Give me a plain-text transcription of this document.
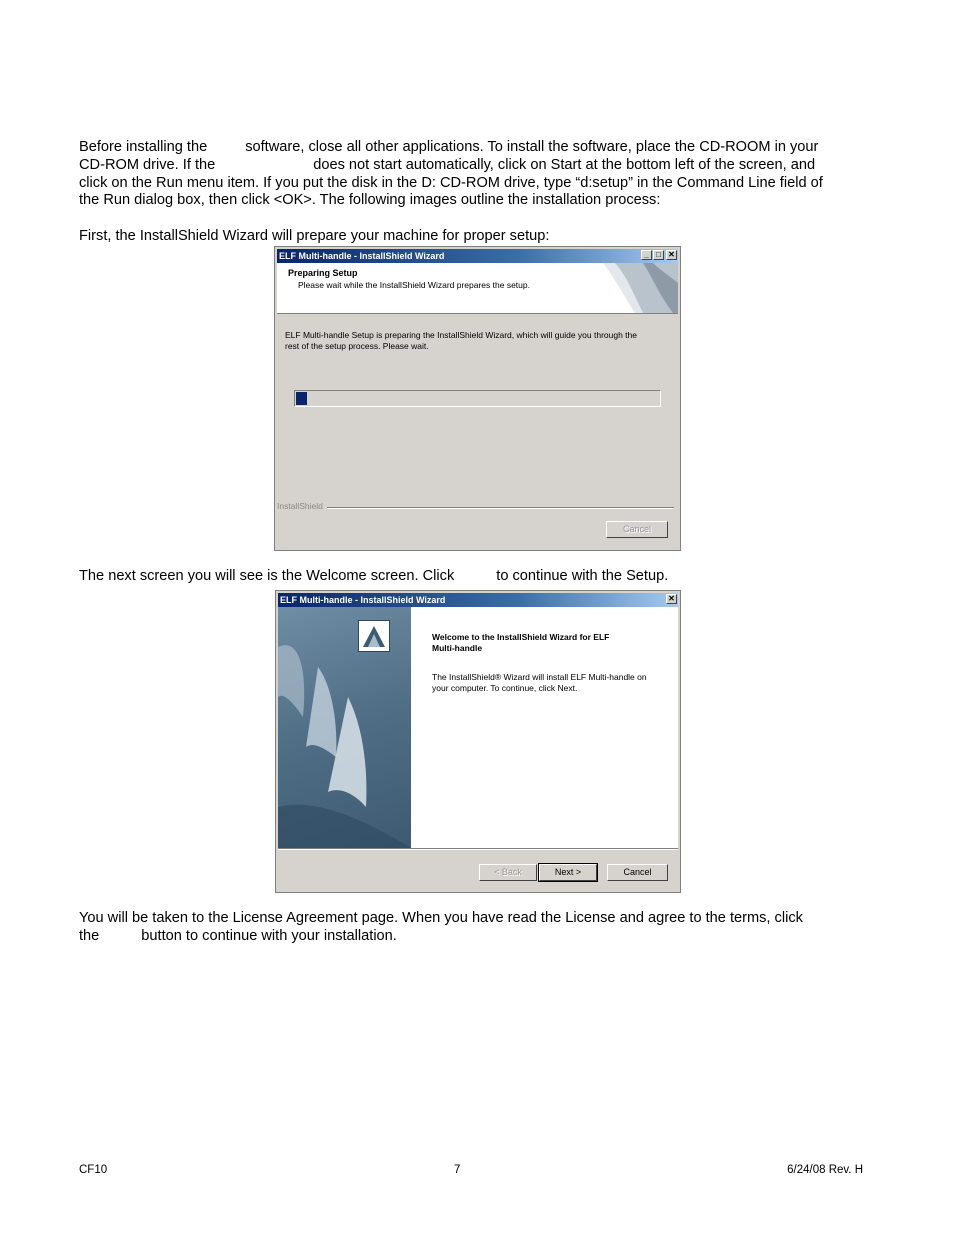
Before installing the	software, close all other applications. To install the software, place the CD-ROOM in your
CD-ROM drive. If the	does not start automatically, click on Start at the bottom left of the screen, and
click on the Run menu item. If you put the disk in the D: CD-ROM drive, type “d:setup” in the Command Line field of
the Run dialog box, then click <OK>. The following images outline the installation process:
First, the InstallShield Wizard will prepare your machine for proper setup:
ELF Multi-handle - InstallShield Wizard	_ □ ✕
Preparing Setup
Please wait while the InstallShield Wizard prepares the setup.
ELF Multi-handle Setup is preparing the InstallShield Wizard, which will guide you through the
rest of the setup process. Please wait.
InstallShield
Cancel
The next screen you will see is the Welcome screen. Click	to continue with the Setup.
ELF Multi-handle - InstallShield Wizard	✕
Welcome to the InstallShield Wizard for ELF
Multi-handle
The InstallShield® Wizard will install ELF Multi-handle on
your computer. To continue, click Next.
< Back	Next >	Cancel
You will be taken to the License Agreement page. When you have read the License and agree to the terms, click
the	button to continue with your installation.
CF10	7	6/24/08 Rev. H
